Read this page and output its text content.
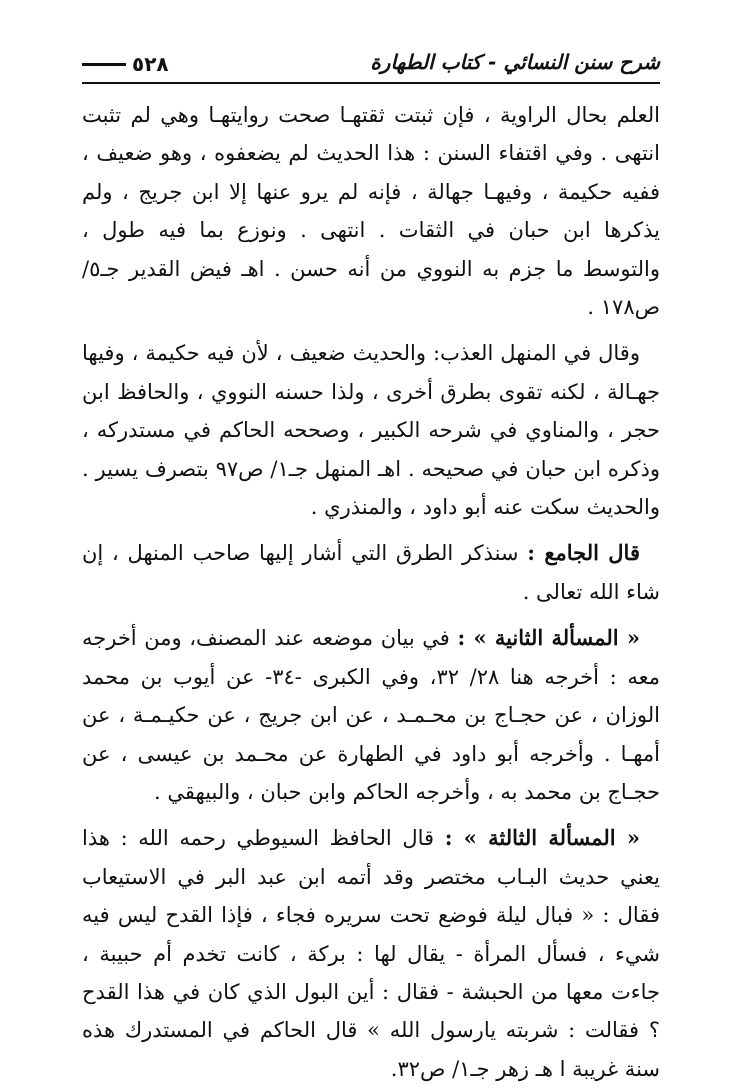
شرح سنن النسائي - كتاب الطهارة
٥٢٨

العلم بحال الراوية ، فإن ثبتت ثقتهـا صحت روايتهـا وهي لم تثبت انتهى . وفي اقتفاء السنن : هذا الحديث لم يضعفوه ، وهو ضعيف ، ففيه حكيمة ، وفيهـا جهالة ، فإنه لم يرو عنها إلا ابن جريج ، ولم يذكرها ابن حبان في الثقات . انتهى . ونوزع بما فيه طول ، والتوسط ما جزم به النووي من أنه حسن . اهـ فيض القدير جـ٥/ ص١٧٨ .

وقال في المنهل العذب: والحديث ضعيف ، لأن فيه حكيمة ، وفيها جهـالة ، لكنه تقوى بطرق أخرى ، ولذا حسنه النووي ، والحافظ ابن حجر ، والمناوي في شرحه الكبير ، وصححه الحاكم في مستدركه ، وذكره ابن حبان في صحيحه . اهـ المنهل جـ١/ ص٩٧ بتصرف يسير . والحديث سكت عنه أبو داود ، والمنذري .

قال الجامع : سنذكر الطرق التي أشار إليها صاحب المنهل ، إن شاء الله تعالى .

« المسألة الثانية » : في بيان موضعه عند المصنف، ومن أخرجه معه : أخرجه هنا ٢٨/ ٣٢، وفي الكبرى -٣٤- عن أيوب بن محمد الوزان ، عن حجـاج بن محـمـد ، عن ابن جريج ، عن حكيـمـة ، عن أمهـا . وأخرجه أبو داود في الطهارة عن محـمد بن عيسى ، عن حجـاج بن محمد به ، وأخرجه الحاكم وابن حبان ، والبيهقي .

« المسألة الثالثة » : قال الحافظ السيوطي رحمه الله : هذا يعني حديث البـاب مختصر وقد أتمه ابن عبد البر في الاستيعاب فقال : « فبال ليلة فوضع تحت سريره فجاء ، فإذا القدح ليس فيه شيء ، فسأل المرأة - يقال لها : بركة ، كانت تخدم أم حبيبة ، جاءت معها من الحبشة - فقال : أين البول الذي كان في هذا القدح ؟ فقالت : شربته يارسول الله » قال الحاكم في المستدرك هذه سنة غريبة ا هـ زهر جـ١/ ص٣٢.
